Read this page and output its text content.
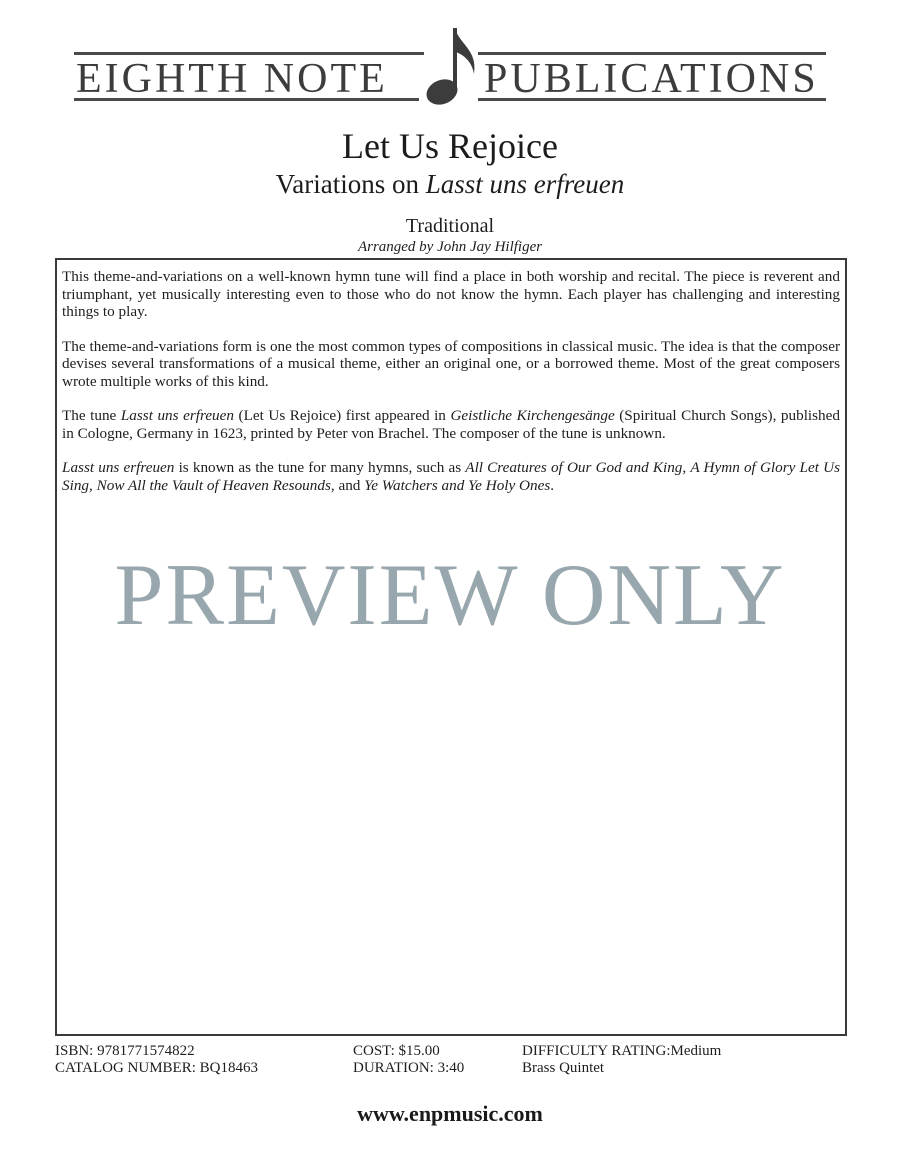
EIGHTH NOTE PUBLICATIONS
Let Us Rejoice
Variations on Lasst uns erfreuen
Traditional
Arranged by John Jay Hilfiger

This theme-and-variations on a well-known hymn tune will find a place in both worship and recital. The piece is reverent and triumphant, yet musically interesting even to those who do not know the hymn. Each player has challenging and interesting things to play.

The theme-and-variations form is one the most common types of compositions in classical music. The idea is that the composer devises several transformations of a musical theme, either an original one, or a borrowed theme. Most of the great composers wrote multiple works of this kind.

The tune Lasst uns erfreuen (Let Us Rejoice) first appeared in Geistliche Kirchengesänge (Spiritual Church Songs), published in Cologne, Germany in 1623, printed by Peter von Brachel. The composer of the tune is unknown.

Lasst uns erfreuen is known as the tune for many hymns, such as All Creatures of Our God and King, A Hymn of Glory Let Us Sing, Now All the Vault of Heaven Resounds, and Ye Watchers and Ye Holy Ones.

PREVIEW ONLY
ISBN: 9781771574822
CATALOG NUMBER: BQ18463
COST: $15.00
DURATION: 3:40
DIFFICULTY RATING:Medium
Brass Quintet
www.enpmusic.com
